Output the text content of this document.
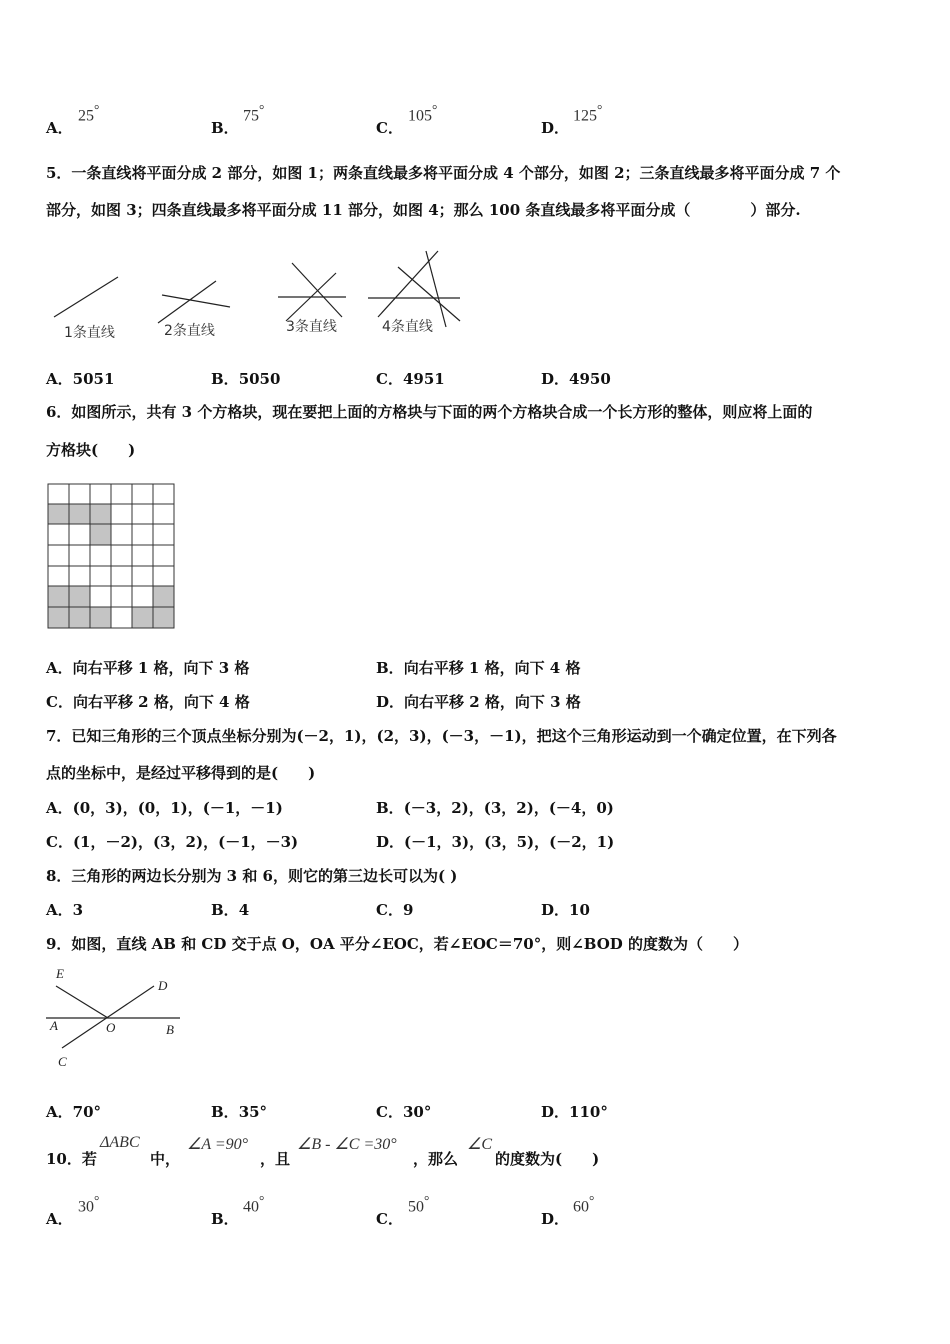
A．
25°
B．
75°
C．
105°
D．
125°
5．一条直线将平面分成 2 部分，如图 1；两条直线最多将平面分成 4 个部分，如图 2；三条直线最多将平面分成 7 个
部分，如图 3；四条直线最多将平面分成 11 部分，如图 4；那么 100 条直线最多将平面分成（　　　　）部分.
1条直线	2条直线	3条直线	4条直线
A．5051	B．5050	C．4951	D．4950
6．如图所示，共有 3 个方格块，现在要把上面的方格块与下面的两个方格块合成一个长方形的整体，则应将上面的
方格块(　　)
A．向右平移 1 格，向下 3 格	B．向右平移 1 格，向下 4 格
C．向右平移 2 格，向下 4 格	D．向右平移 2 格，向下 3 格
7．已知三角形的三个顶点坐标分别为(－2，1)，(2，3)，(－3，－1)，把这个三角形运动到一个确定位置，在下列各
点的坐标中，是经过平移得到的是(　　)
A．(0，3)，(0，1)，(－1，－1)	B．(－3，2)，(3，2)，(－4，0)
C．(1，－2)，(3，2)，(－1，－3)	D．(－1，3)，(3，5)，(－2，1)
8．三角形的两边长分别为 3 和 6，则它的第三边长可以为( )
A．3	B．4	C．9	D．10
9．如图，直线 AB 和 CD 交于点 O，OA 平分∠EOC，若∠EOC＝70°，则∠BOD 的度数为（　　）
E
D
A	O	B
C
A．70°	B．35°	C．30°	D．110°
10．若
ΔABC
中，
∠A =90°
，且
∠B - ∠C =30°
，那么
∠C
的度数为(　　)
A．
30°
B．
40°
C．
50°
D．
60°
